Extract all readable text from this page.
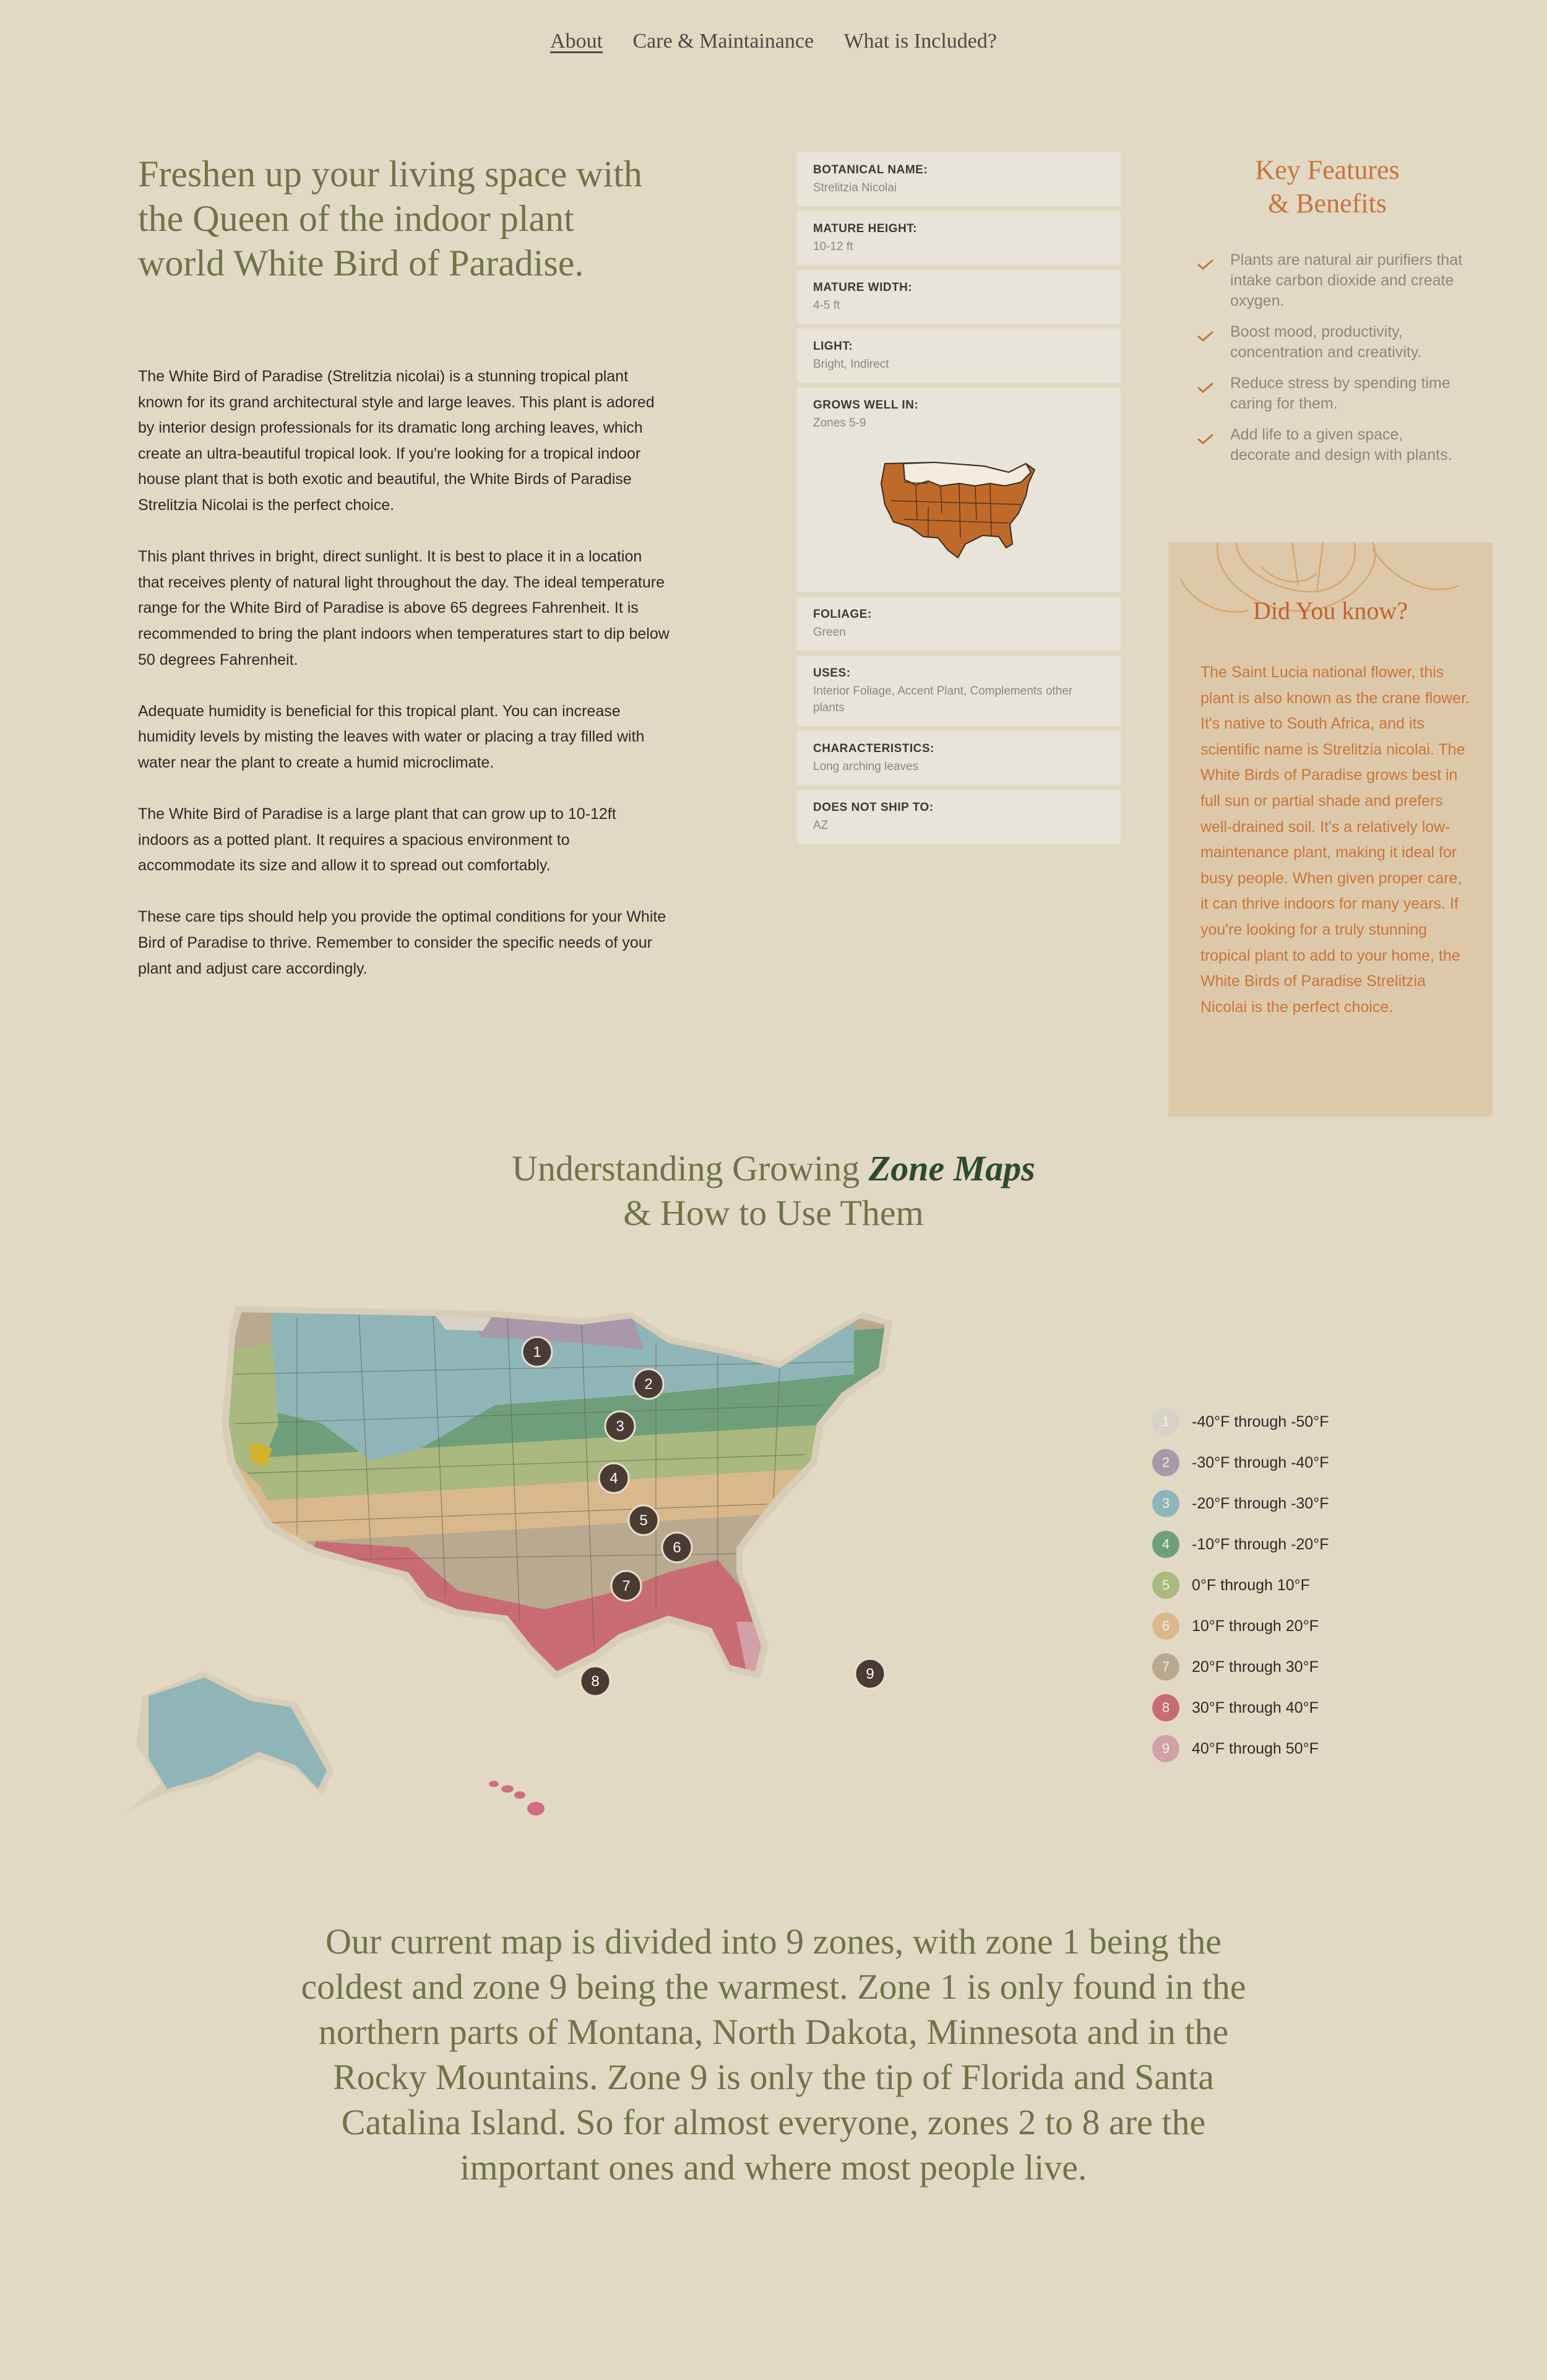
About Care & Maintainance What is Included?
Freshen up your living space with the Queen of the indoor plant world White Bird of Paradise.

The White Bird of Paradise (Strelitzia nicolai) is a stunning tropical plant known for its grand architectural style and large leaves. This plant is adored by interior design professionals for its dramatic long arching leaves, which create an ultra-beautiful tropical look. If you're looking for a tropical indoor house plant that is both exotic and beautiful, the White Birds of Paradise Strelitzia Nicolai is the perfect choice.

This plant thrives in bright, direct sunlight. It is best to place it in a location that receives plenty of natural light throughout the day. The ideal temperature range for the White Bird of Paradise is above 65 degrees Fahrenheit. It is recommended to bring the plant indoors when temperatures start to dip below 50 degrees Fahrenheit.

Adequate humidity is beneficial for this tropical plant. You can increase humidity levels by misting the leaves with water or placing a tray filled with water near the plant to create a humid microclimate.

The White Bird of Paradise is a large plant that can grow up to 10-12ft indoors as a potted plant. It requires a spacious environment to accommodate its size and allow it to spread out comfortably.

These care tips should help you provide the optimal conditions for your White Bird of Paradise to thrive. Remember to consider the specific needs of your plant and adjust care accordingly.

BOTANICAL NAME:
Strelitzia Nicolai
MATURE HEIGHT:
10-12 ft
MATURE WIDTH:
4-5 ft
LIGHT:
Bright, Indirect
GROWS WELL IN:
Zones 5-9
FOLIAGE:
Green
USES:
Interior Foliage, Accent Plant, Complements other plants
CHARACTERISTICS:
Long arching leaves
DOES NOT SHIP TO:
AZ
Key Features
& Benefits
Plants are natural air purifiers that intake carbon dioxide and create oxygen.
Boost mood, productivity, concentration and creativity.
Reduce stress by spending time caring for them.
Add life to a given space, decorate and design with plants.
Did You know?

The Saint Lucia national flower, this plant is also known as the crane flower. It's native to South Africa, and its scientific name is Strelitzia nicolai. The White Birds of Paradise grows best in full sun or partial shade and prefers well-drained soil. It's a relatively low-maintenance plant, making it ideal for busy people. When given proper care, it can thrive indoors for many years. If you're looking for a truly stunning tropical plant to add to your home, the White Birds of Paradise Strelitzia Nicolai is the perfect choice.

Understanding Growing Zone Maps
& How to Use Them
1
2
3
4
5
6
7
8	9
1	-40°F through -50°F
2	-30°F through -40°F
3	-20°F through -30°F
4	-10°F through -20°F
5	0°F through 10°F
6	10°F through 20°F
7	20°F through 30°F
8	30°F through 40°F
9	40°F through 50°F

Our current map is divided into 9 zones, with zone 1 being the coldest and zone 9 being the warmest. Zone 1 is only found in the northern parts of Montana, North Dakota, Minnesota and in the Rocky Mountains. Zone 9 is only the tip of Florida and Santa Catalina Island. So for almost everyone, zones 2 to 8 are the important ones and where most people live.
